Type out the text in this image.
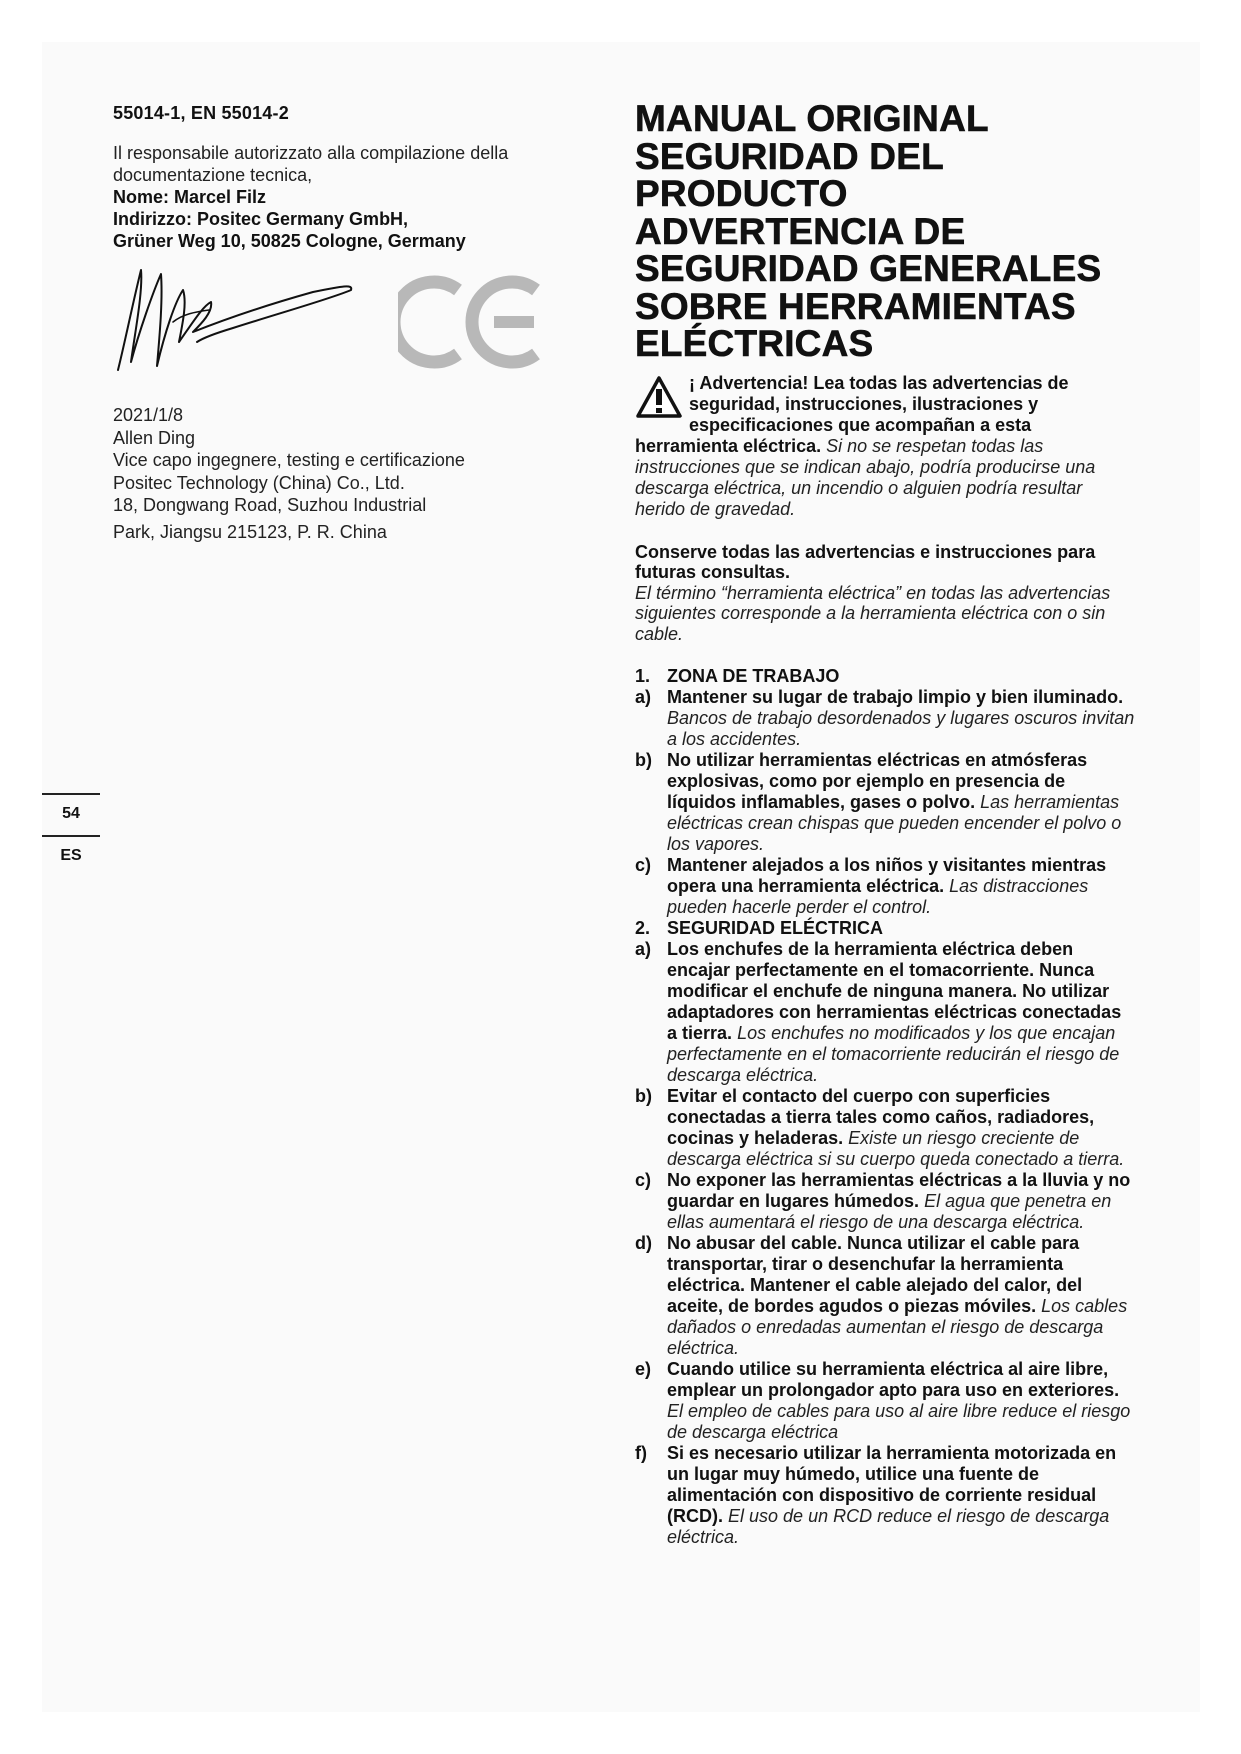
55014-1, EN 55014-2

Il responsabile autorizzato alla compilazione della documentazione tecnica,

Nome: Marcel Filz

Indirizzo: Positec Germany GmbH,

Grüner Weg 10, 50825 Cologne, Germany

2021/1/8

Allen Ding

Vice capo ingegnere, testing e certificazione

Positec Technology (China) Co., Ltd.

18, Dongwang Road, Suzhou Industrial

Park, Jiangsu 215123, P. R. China

54
ES
MANUAL ORIGINAL
SEGURIDAD DEL
PRODUCTO
ADVERTENCIA DE
SEGURIDAD GENERALES
SOBRE HERRAMIENTAS
ELÉCTRICAS
¡ Advertencia! Lea todas las advertencias de seguridad, instrucciones, ilustraciones y especificaciones que acompañan a esta herramienta eléctrica. Si no se respetan todas las instrucciones que se indican abajo, podría producirse una descarga eléctrica, un incendio o alguien podría resultar herido de gravedad.
Conserve todas las advertencias e instrucciones para futuras consultas.
El término “herramienta eléctrica” en todas las advertencias siguientes corresponde a la herramienta eléctrica con o sin cable.
1. ZONA DE TRABAJO
a) Mantener su lugar de trabajo limpio y bien iluminado. Bancos de trabajo desordenados y lugares oscuros invitan a los accidentes.
b) No utilizar herramientas eléctricas en atmósferas explosivas, como por ejemplo en presencia de líquidos inflamables, gases o polvo. Las herramientas eléctricas crean chispas que pueden encender el polvo o los vapores.
c) Mantener alejados a los niños y visitantes mientras opera una herramienta eléctrica. Las distracciones pueden hacerle perder el control.
2. SEGURIDAD ELÉCTRICA
a) Los enchufes de la herramienta eléctrica deben encajar perfectamente en el tomacorriente. Nunca modificar el enchufe de ninguna manera. No utilizar adaptadores con herramientas eléctricas conectadas a tierra. Los enchufes no modificados y los que encajan perfectamente en el tomacorriente reducirán el riesgo de descarga eléctrica.
b) Evitar el contacto del cuerpo con superficies conectadas a tierra tales como caños, radiadores, cocinas y heladeras. Existe un riesgo creciente de descarga eléctrica si su cuerpo queda conectado a tierra.
c) No exponer las herramientas eléctricas a la lluvia y no guardar en lugares húmedos. El agua que penetra en ellas aumentará el riesgo de una descarga eléctrica.
d) No abusar del cable. Nunca utilizar el cable para transportar, tirar o desenchufar la herramienta eléctrica. Mantener el cable alejado del calor, del aceite, de bordes agudos o piezas móviles. Los cables dañados o enredadas aumentan el riesgo de descarga eléctrica.
e) Cuando utilice su herramienta eléctrica al aire libre, emplear un prolongador apto para uso en exteriores. El empleo de cables para uso al aire libre reduce el riesgo de descarga eléctrica
f) Si es necesario utilizar la herramienta motorizada en un lugar muy húmedo, utilice una fuente de alimentación con dispositivo de corriente residual (RCD). El uso de un RCD reduce el riesgo de descarga eléctrica.
